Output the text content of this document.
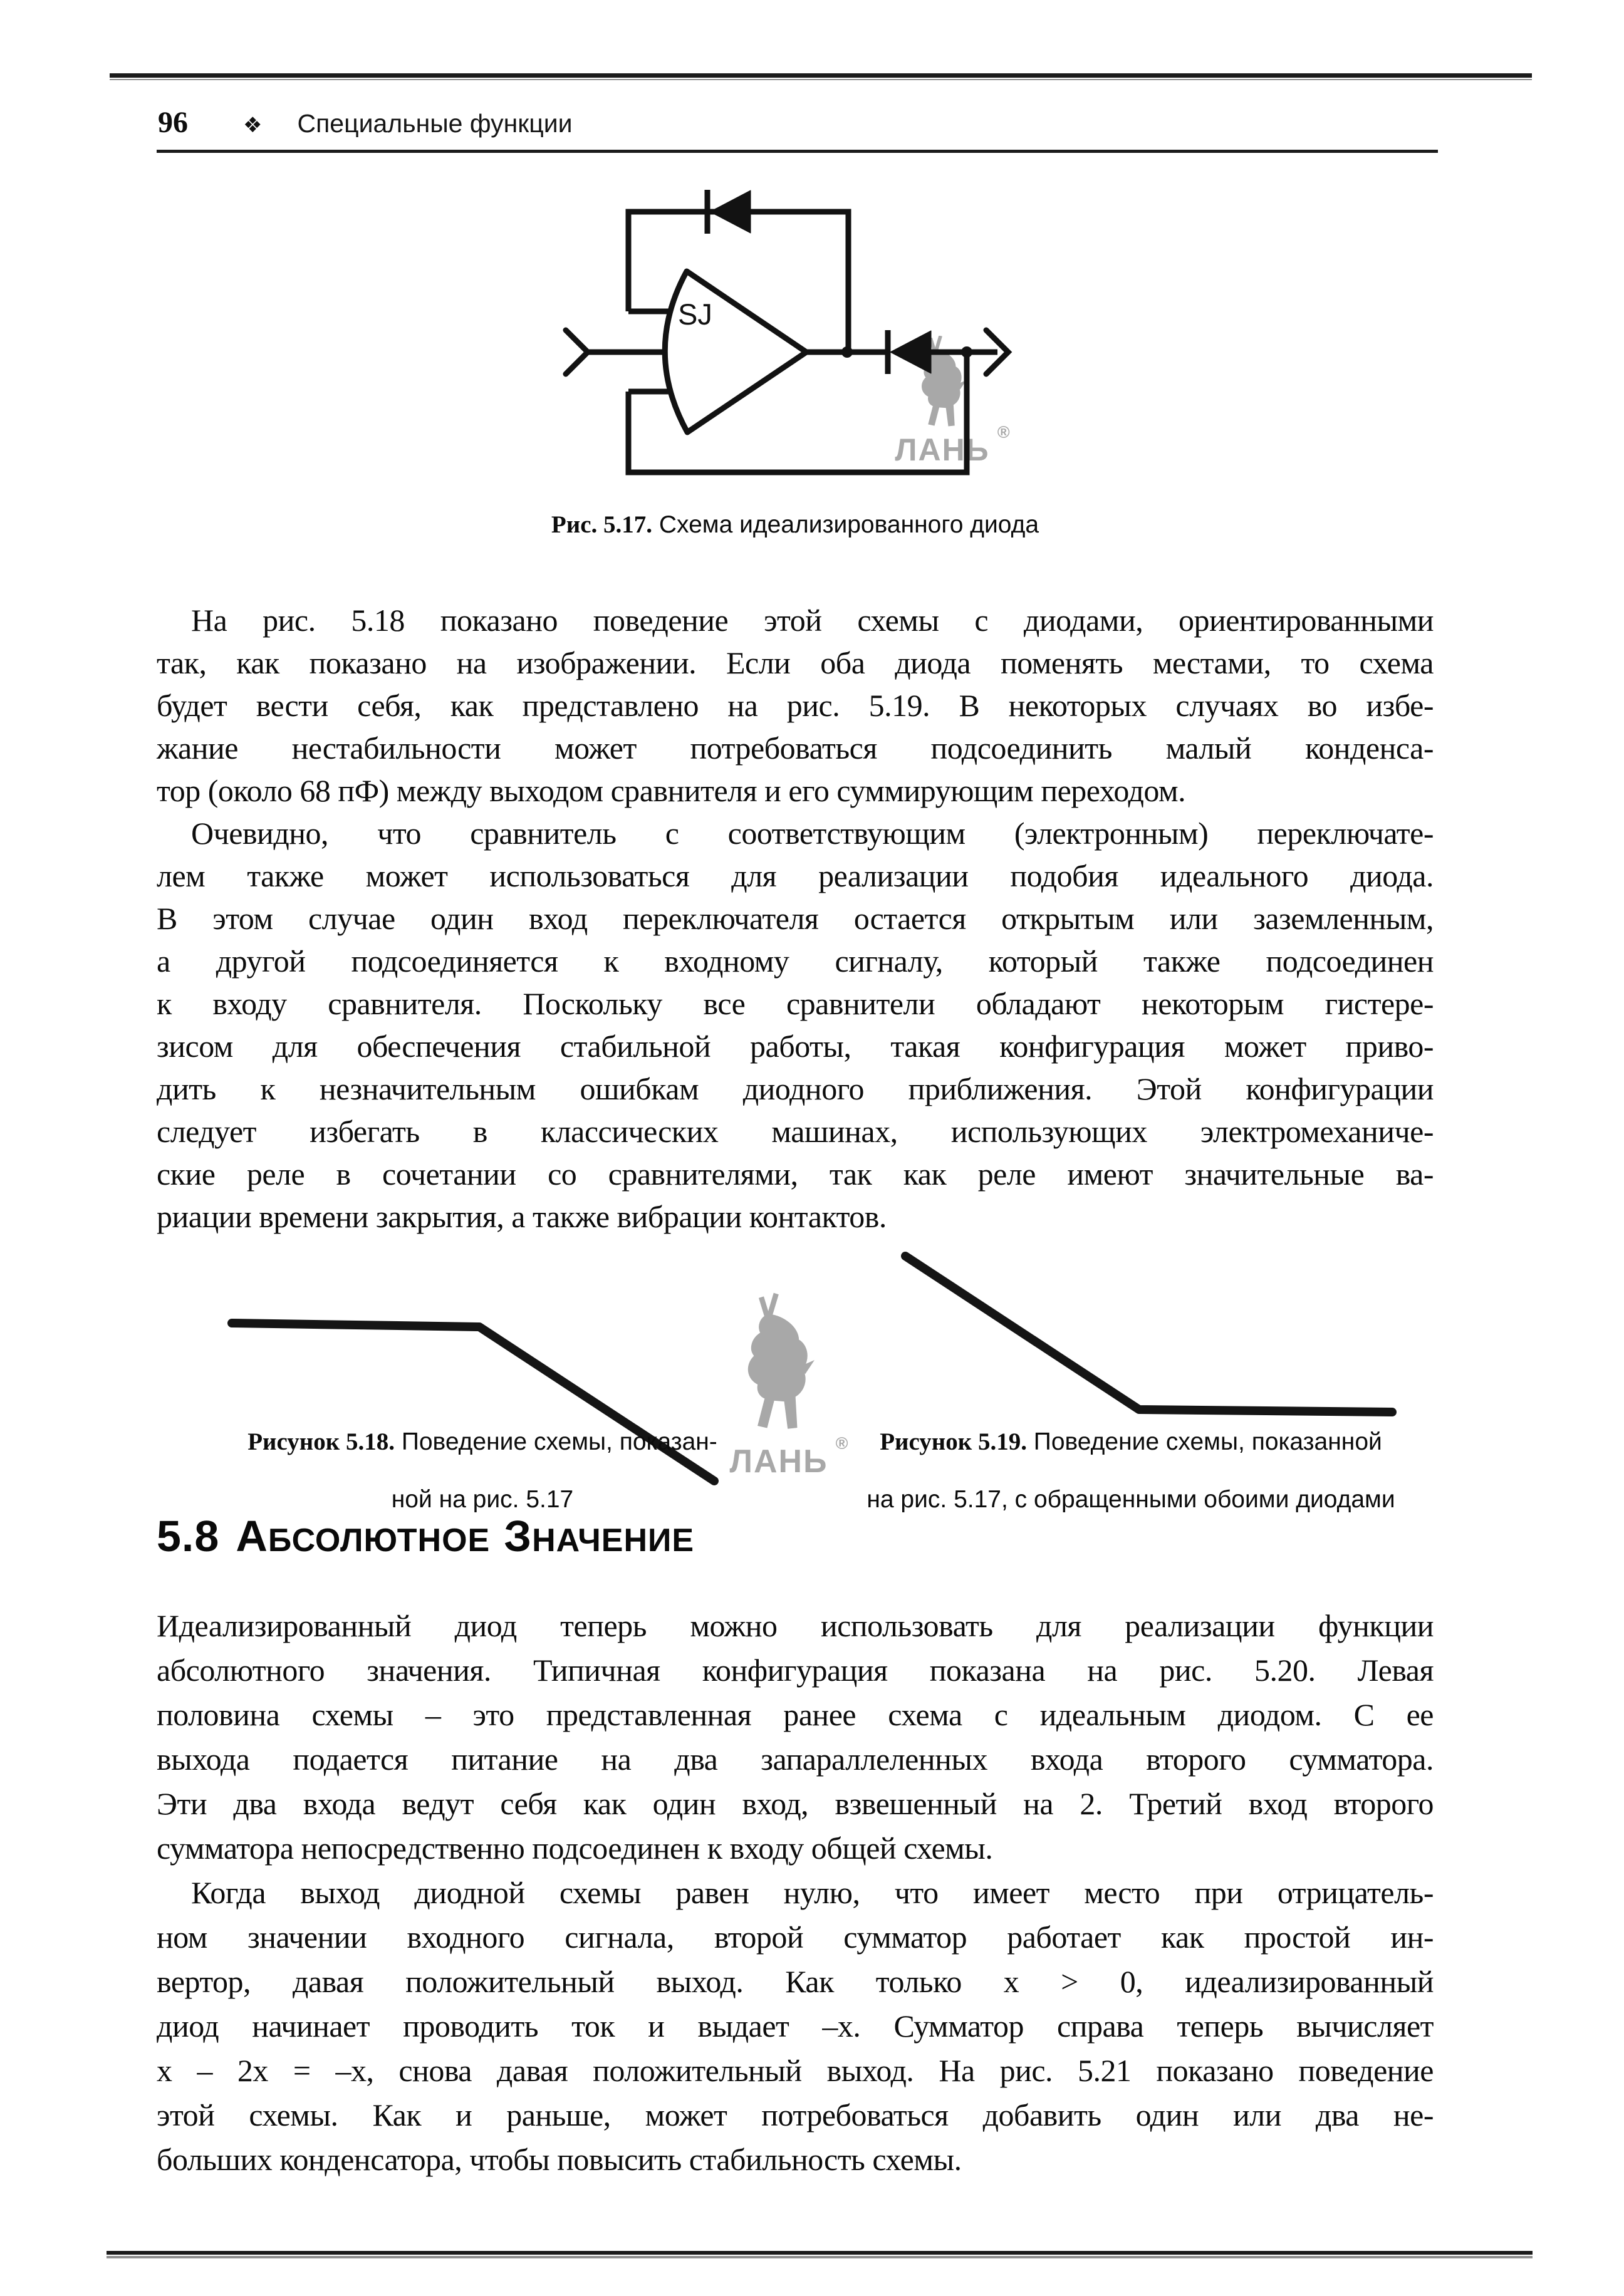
96	❖ Специальные функции
ЛАНЬ ®
SJ
Рис. 5.17. Схема идеализированного диода
На рис. 5.18 показано поведение этой схемы с диодами, ориентированными
так, как показано на изображении. Если оба диода поменять местами, то схема
будет вести себя, как представлено на рис. 5.19. В некоторых случаях во избе-
жание нестабильности может потребоваться подсоединить малый конденса-
тор (около 68 пФ) между выходом сравнителя и его суммирующим переходом.
Очевидно, что сравнитель с соответствующим (электронным) переключате-
лем также может использоваться для реализации подобия идеального диода.
В этом случае один вход переключателя остается открытым или заземленным,
а другой подсоединяется к входному сигналу, который также подсоединен
к входу сравнителя. Поскольку все сравнители обладают некоторым гистере-
зисом для обеспечения стабильной работы, такая конфигурация может приво-
дить к незначительным ошибкам диодного приближения. Этой конфигурации
следует избегать в классических машинах, использующих электромеханиче-
ские реле в сочетании со сравнителями, так как реле имеют значительные ва-
риации времени закрытия, а также вибрации контактов.
ЛАНЬ ®
Рисунок 5.18. Поведение схемы, показан-
ной на рис. 5.17
Рисунок 5.19. Поведение схемы, показанной
на рис. 5.17, с обращенными обоими диодами
5.8 А БСОЛЮТНОЕ З НАЧЕНИЕ
Идеализированный диод теперь можно использовать для реализации функции
абсолютного значения. Типичная конфигурация показана на рис. 5.20. Левая
половина схемы – это представленная ранее схема с идеальным диодом. С ее
выхода подается питание на два запараллеленных входа второго сумматора.
Эти два входа ведут себя как один вход, взвешенный на 2. Третий вход второго
сумматора непосредственно подсоединен к входу общей схемы.
Когда выход диодной схемы равен нулю, что имеет место при отрицатель-
ном значении входного сигнала, второй сумматор работает как простой ин-
вертор, давая положительный выход. Как только x > 0, идеализированный
диод начинает проводить ток и выдает –x. Сумматор справа теперь вычисляет
x – 2x = –x, снова давая положительный выход. На рис. 5.21 показано поведение
этой схемы. Как и раньше, может потребоваться добавить один или два не-
больших конденсатора, чтобы повысить стабильность схемы.
